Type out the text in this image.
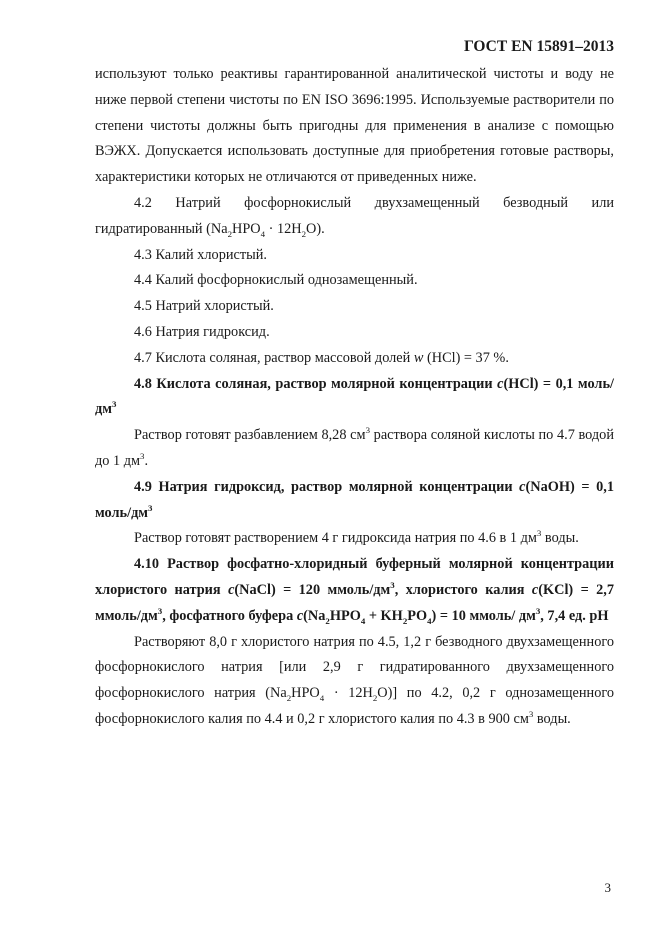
ГОСТ EN 15891–2013

используют только реактивы гарантированной аналитической чистоты и воду не ниже первой степени чистоты по EN ISO 3696:1995. Используемые растворители по степени чистоты должны быть пригодны для применения в анализе с помощью ВЭЖХ. Допускается использовать доступные для приобретения готовые растворы, характеристики которых не отличаются от приведенных ниже.

4.2 Натрий фосфорнокислый двухзамещенный безводный или гидратированный $(Na_2HPO_4 \cdot 12H_2O)$.

4.3 Калий хлористый.

4.4 Калий фосфорнокислый однозамещенный.

4.5 Натрий хлористый.

4.6 Натрия гидроксид.

4.7 Кислота соляная, раствор массовой долей w (HCl) = 37 %.

4.8 Кислота соляная, раствор молярной концентрации c(HCl) = 0,1 моль/$дм^3$

Раствор готовят разбавлением 8,28 $см^3$ раствора соляной кислоты по 4.7 водой до 1 $дм^3$.

4.9 Натрия гидроксид, раствор молярной концентрации c(NaOH) = 0,1 моль/$дм^3$

Раствор готовят растворением 4 г гидроксида натрия по 4.6 в 1 $дм^3$ воды.

4.10 Раствор фосфатно-хлоридный буферный молярной концентрации хлористого натрия c(NaCl) = 120 ммоль/$дм^3$, хлористого калия c(KCl) = 2,7 ммоль/$дм^3$, фосфатного буфера $c(Na_2HPO_4 + KH_2PO_4) = 10$ ммоль/ $дм^3$, 7,4 ед. pH

Растворяют 8,0 г хлористого натрия по 4.5, 1,2 г безводного двухзамещенного фосфорнокислого натрия [или 2,9 г гидратированного двухзамещенного фосфорнокислого натрия $(Na_2HPO_4 \cdot 12H_2O)$] по 4.2, 0,2 г однозамещенного фосфорнокислого калия по 4.4 и 0,2 г хлористого калия по 4.3 в 900 $см^3$ воды.

3
